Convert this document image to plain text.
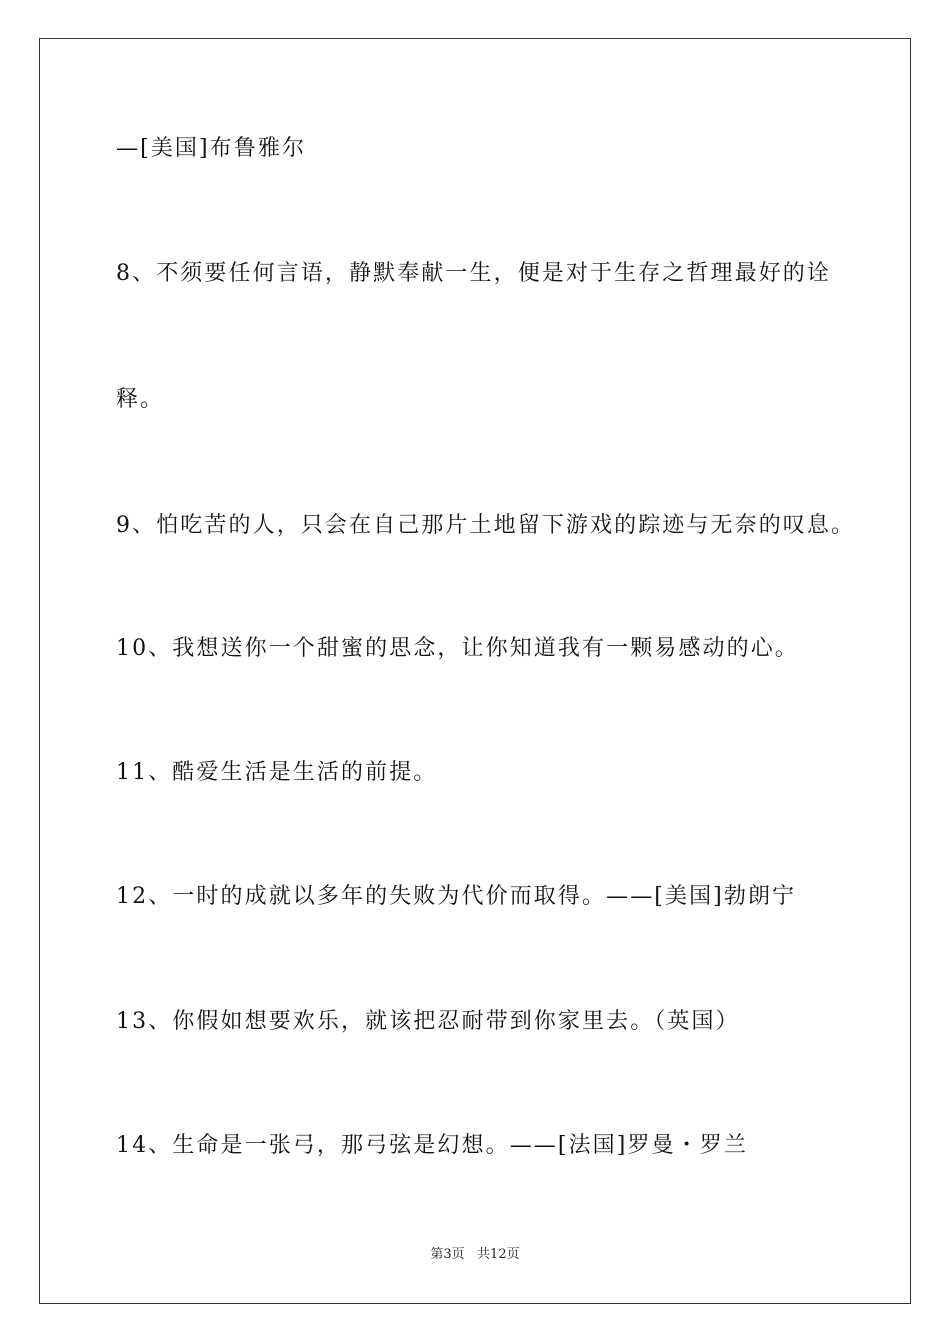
—[美国]布鲁雅尔
8、不须要任何言语，静默奉献一生，便是对于生存之哲理最好的诠
释。
9、怕吃苦的人，只会在自己那片土地留下游戏的踪迹与无奈的叹息。
10、我想送你一个甜蜜的思念，让你知道我有一颗易感动的心。
11、酷爱生活是生活的前提。
12、一时的成就以多年的失败为代价而取得。——[美国]勃朗宁
13、你假如想要欢乐，就该把忍耐带到你家里去。（英国）
14、生命是一张弓，那弓弦是幻想。——[法国]罗曼・罗兰
第3页   共12页
